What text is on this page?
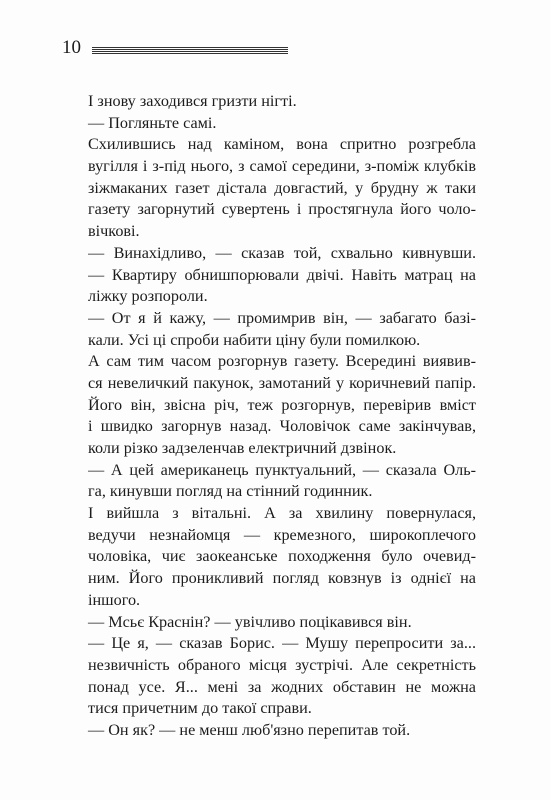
10
І знову заходився гризти нігті.
— Погляньте самі.
Схилившись над каміном, вона спритно розгребла
вугілля і з-під нього, з самої середини, з-поміж клубків
зіжмаканих газет дістала довгастий, у брудну ж таки
газету загорнутий сувертень і простягнула його чоло-
вічкові.
— Винахідливо, — сказав той, схвально кивнувши.
— Квартиру обнишпорювали двічі. Навіть матрац на
ліжку розпороли.
— От я й кажу, — промимрив він, — забагато базі-
кали. Усі ці спроби набити ціну були помилкою.
А сам тим часом розгорнув газету. Всередині виявив-
ся невеличкий пакунок, замотаний у коричневий папір.
Його він, звісна річ, теж розгорнув, перевірив вміст
і швидко загорнув назад. Чоловічок саме закінчував,
коли різко задзеленчав електричний дзвінок.
— А цей американець пунктуальний, — сказала Оль-
га, кинувши погляд на стінний годинник.
І вийшла з вітальні. А за хвилину повернулася,
ведучи незнайомця — кремезного, широкоплечого
чоловіка, чиє заокеанське походження було очевид-
ним. Його проникливий погляд ковзнув із однієї на
іншого.
— Мсьє Краснін? — увічливо поцікавився він.
— Це я, — сказав Борис. — Мушу перепросити за...
незвичність обраного місця зустрічі. Але секретність
понад усе. Я... мені за жодних обставин не можна
тися причетним до такої справи.
— Он як? — не менш люб'язно перепитав той.
